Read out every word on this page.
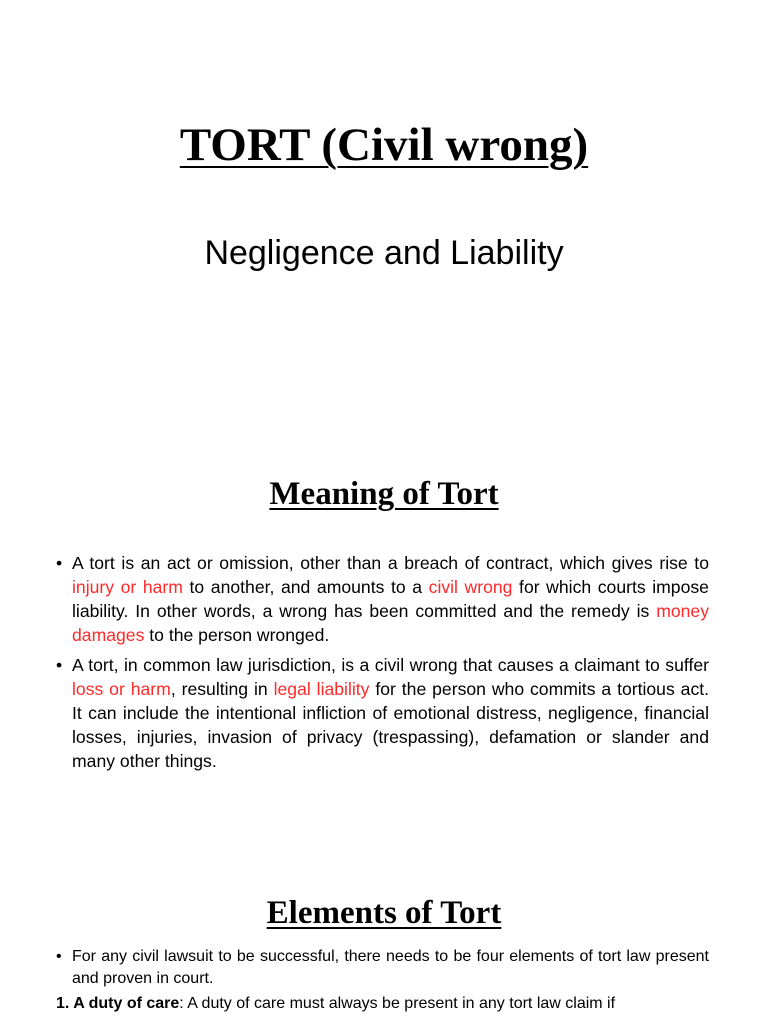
TORT (Civil wrong)
Negligence and Liability
Meaning of Tort
• A tort is an act or omission, other than a breach of contract, which gives rise to injury or harm to another, and amounts to a civil wrong for which courts impose liability. In other words, a wrong has been committed and the remedy is money damages to the person wronged.
• A tort, in common law jurisdiction, is a civil wrong that causes a claimant to suffer loss or harm, resulting in legal liability for the person who commits a tortious act. It can include the intentional infliction of emotional distress, negligence, financial losses, injuries, invasion of privacy (trespassing), defamation or slander and many other things.
Elements of Tort
• For any civil lawsuit to be successful, there needs to be four elements of tort law present and proven in court.
1. A duty of care: A duty of care must always be present in any tort law claim if
